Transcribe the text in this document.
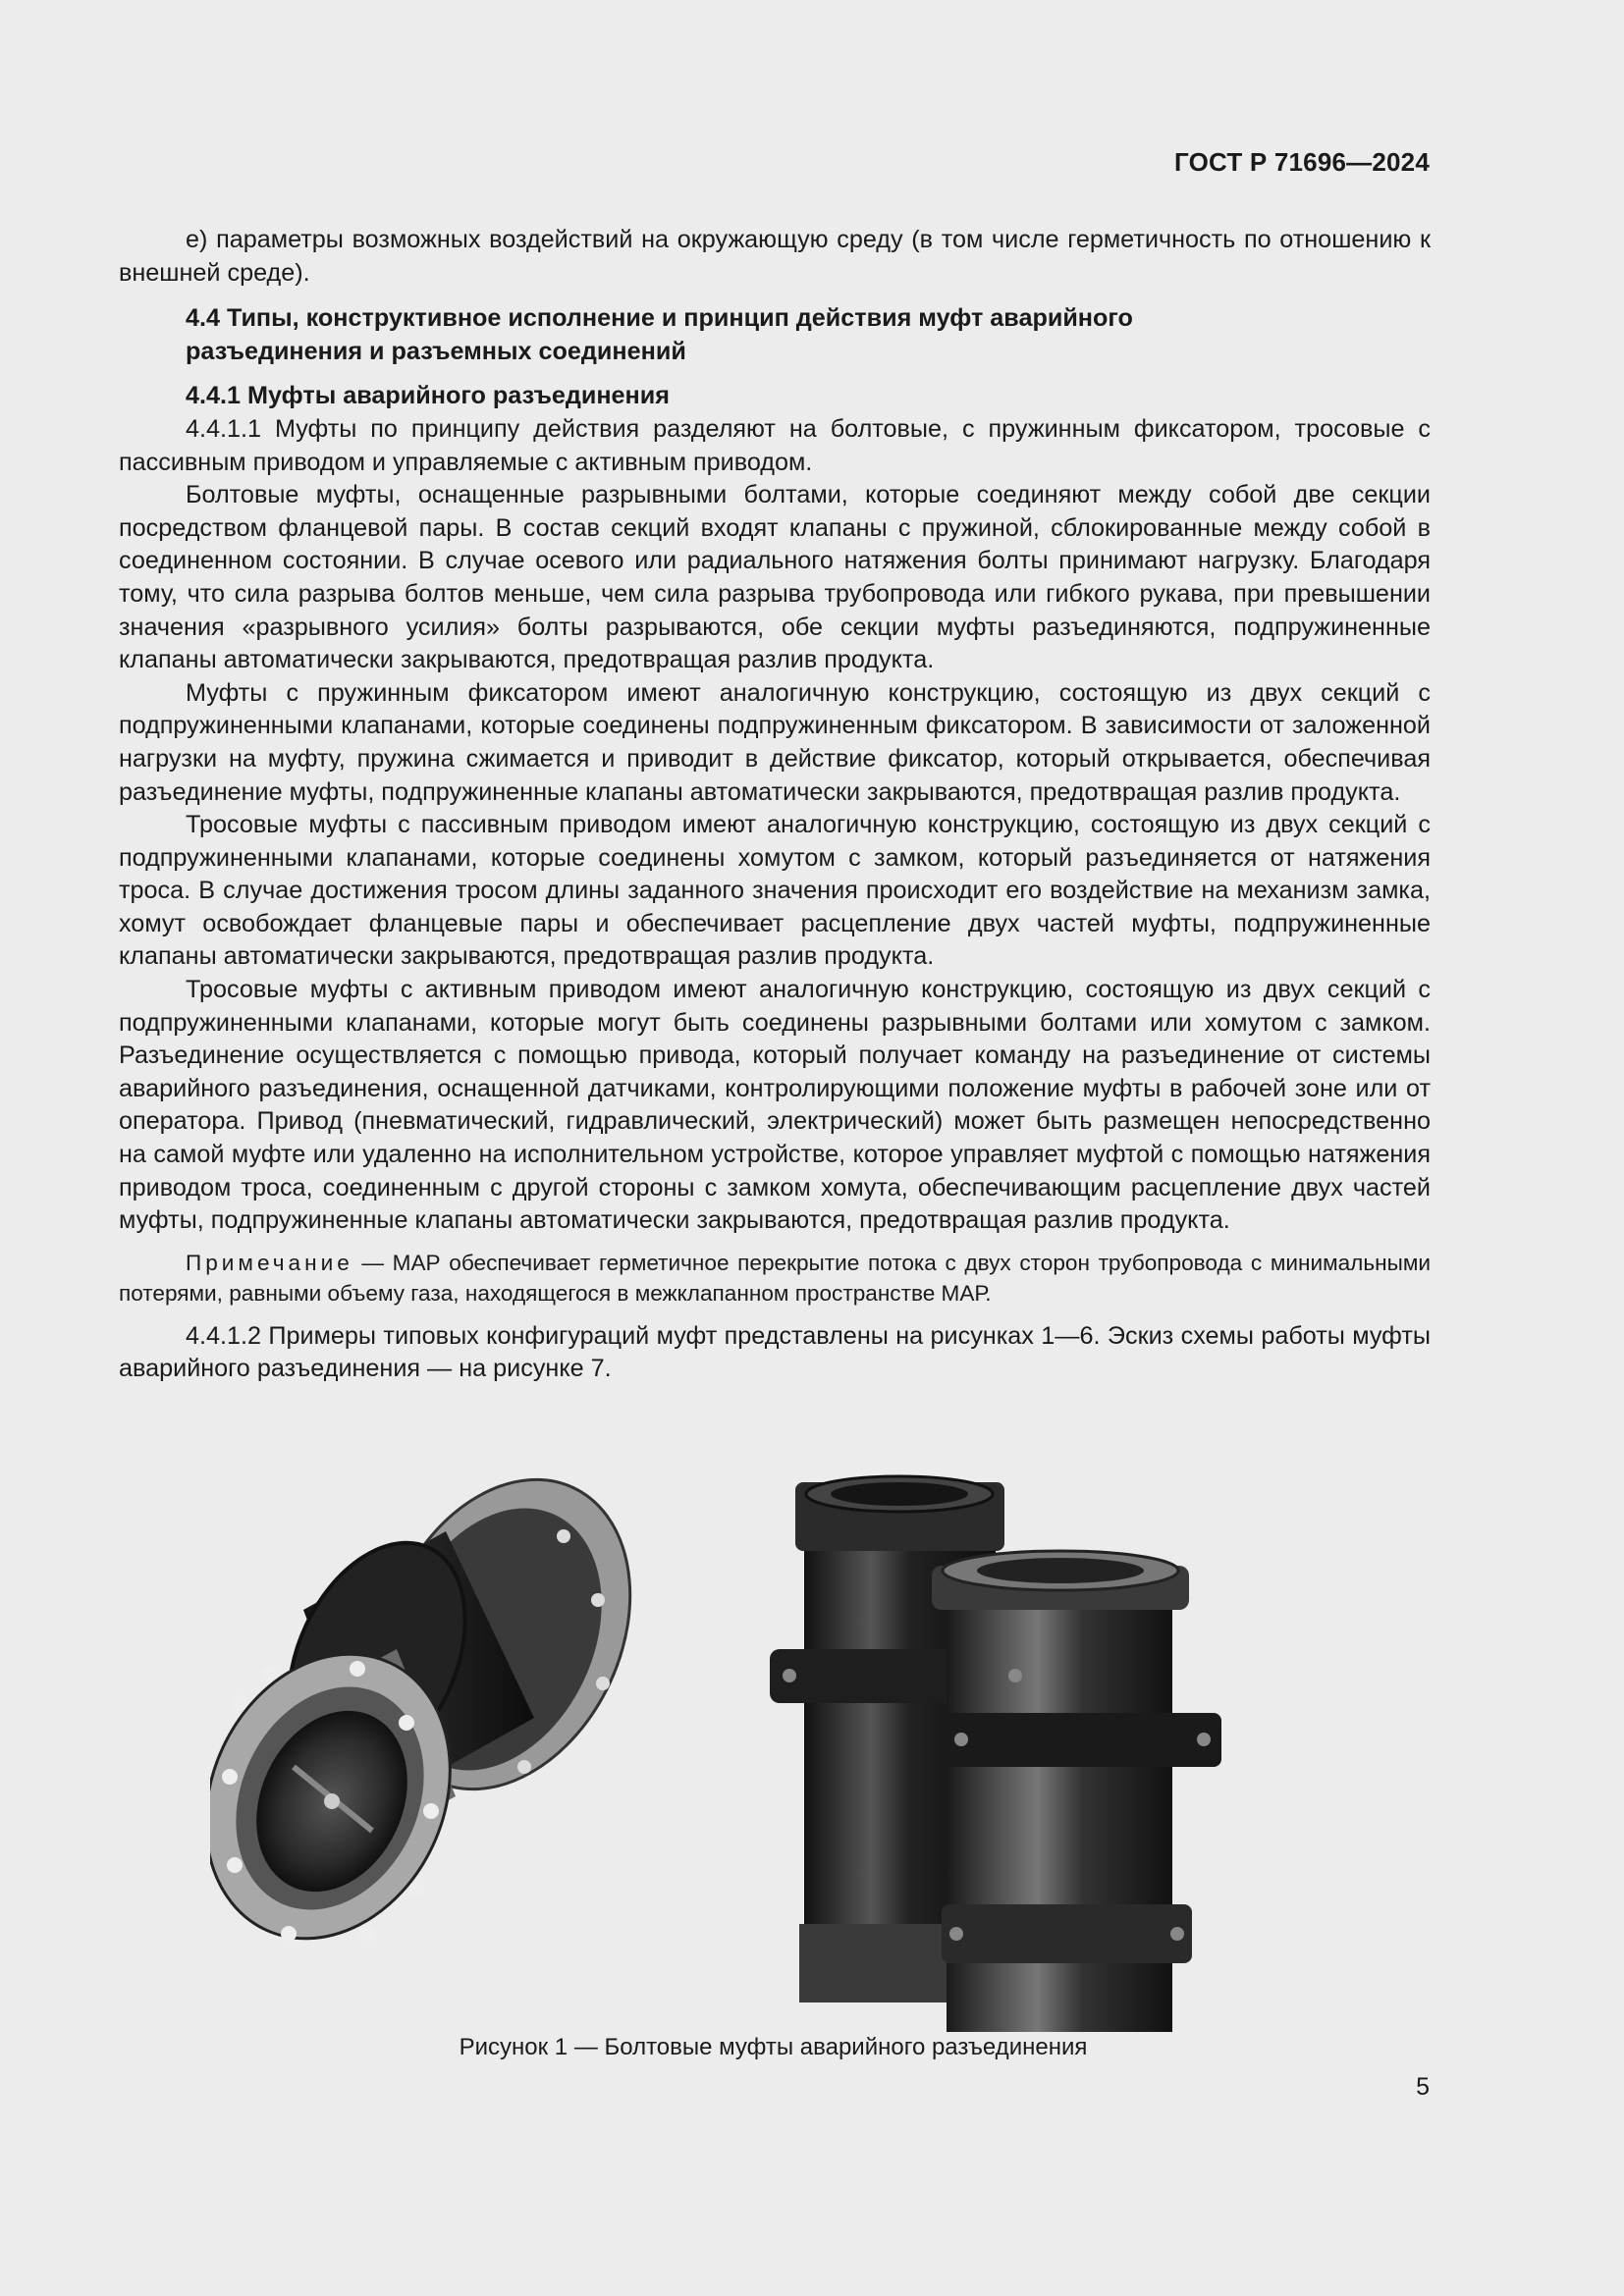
ГОСТ Р 71696—2024

е) параметры возможных воздействий на окружающую среду (в том числе герметичность по отношению к внешней среде).

4.4 Типы, конструктивное исполнение и принцип действия муфт аварийного разъединения и разъемных соединений

4.4.1 Муфты аварийного разъединения

4.4.1.1 Муфты по принципу действия разделяют на болтовые, с пружинным фиксатором, тросовые с пассивным приводом и управляемые с активным приводом.

Болтовые муфты, оснащенные разрывными болтами, которые соединяют между собой две секции посредством фланцевой пары. В состав секций входят клапаны с пружиной, сблокированные между собой в соединенном состоянии. В случае осевого или радиального натяжения болты принимают нагрузку. Благодаря тому, что сила разрыва болтов меньше, чем сила разрыва трубопровода или гибкого рукава, при превышении значения «разрывного усилия» болты разрываются, обе секции муфты разъединяются, подпружиненные клапаны автоматически закрываются, предотвращая разлив продукта.

Муфты с пружинным фиксатором имеют аналогичную конструкцию, состоящую из двух секций с подпружиненными клапанами, которые соединены подпружиненным фиксатором. В зависимости от заложенной нагрузки на муфту, пружина сжимается и приводит в действие фиксатор, который открывается, обеспечивая разъединение муфты, подпружиненные клапаны автоматически закрываются, предотвращая разлив продукта.

Тросовые муфты с пассивным приводом имеют аналогичную конструкцию, состоящую из двух секций с подпружиненными клапанами, которые соединены хомутом с замком, который разъединяется от натяжения троса. В случае достижения тросом длины заданного значения происходит его воздействие на механизм замка, хомут освобождает фланцевые пары и обеспечивает расцепление двух частей муфты, подпружиненные клапаны автоматически закрываются, предотвращая разлив продукта.

Тросовые муфты с активным приводом имеют аналогичную конструкцию, состоящую из двух секций с подпружиненными клапанами, которые могут быть соединены разрывными болтами или хомутом с замком. Разъединение осуществляется с помощью привода, который получает команду на разъединение от системы аварийного разъединения, оснащенной датчиками, контролирующими положение муфты в рабочей зоне или от оператора. Привод (пневматический, гидравлический, электрический) может быть размещен непосредственно на самой муфте или удаленно на исполнительном устройстве, которое управляет муфтой с помощью натяжения приводом троса, соединенным с другой стороны с замком хомута, обеспечивающим расцепление двух частей муфты, подпружиненные клапаны автоматически закрываются, предотвращая разлив продукта.

Примечание — МАР обеспечивает герметичное перекрытие потока с двух сторон трубопровода с минимальными потерями, равными объему газа, находящегося в межклапанном пространстве МАР.

4.4.1.2 Примеры типовых конфигураций муфт представлены на рисунках 1—6. Эскиз схемы работы муфты аварийного разъединения — на рисунке 7.

Рисунок 1 — Болтовые муфты аварийного разъединения
5
